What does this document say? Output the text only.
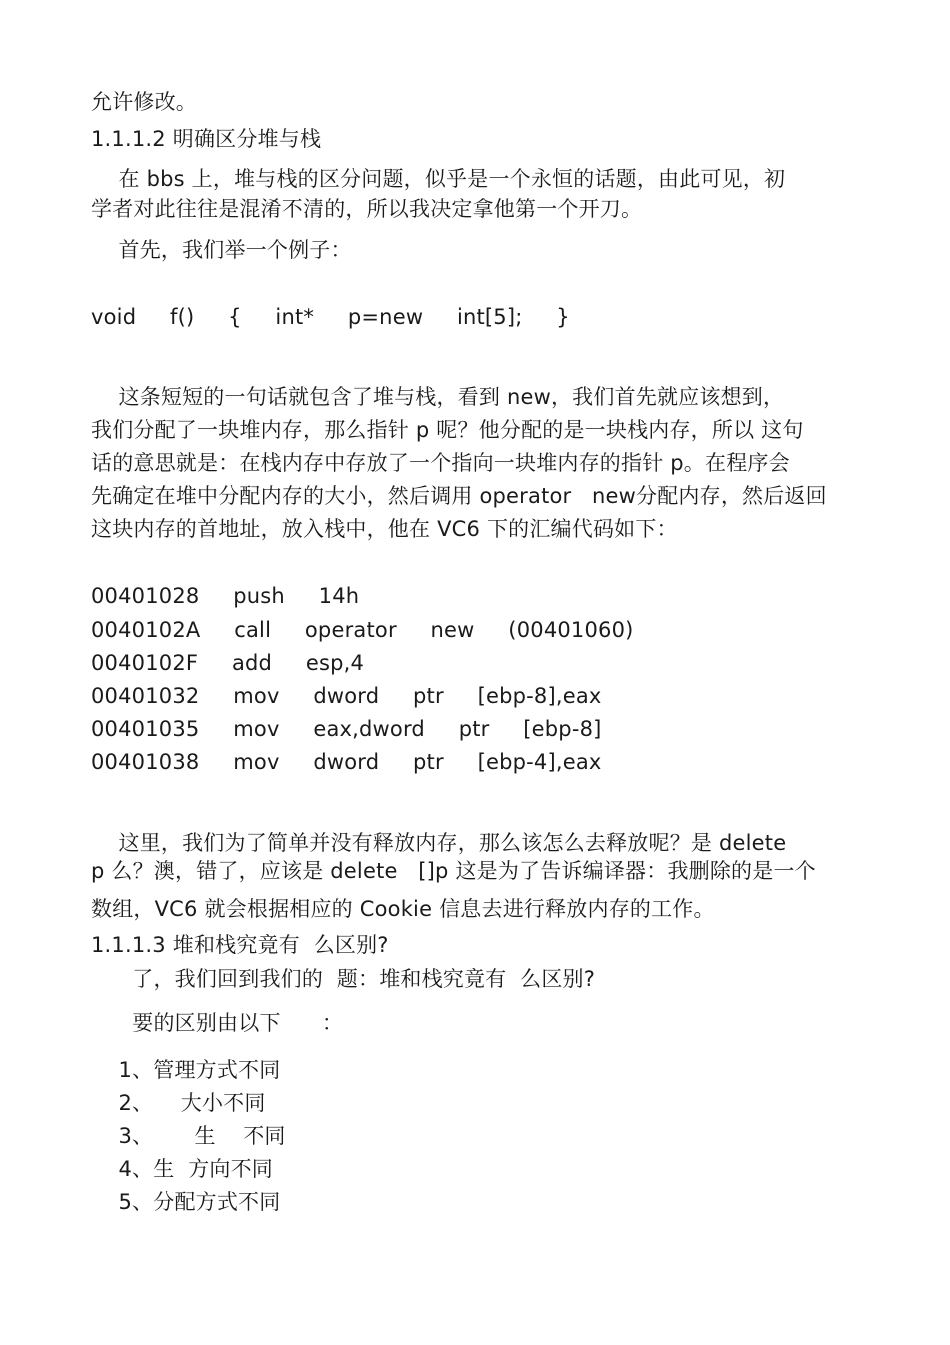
允许修改。
1.1.1.2 明确区分堆与栈
在 bbs 上，堆与栈的区分问题，似乎是一个永恒的话题，由此可见，初
学者对此往往是混淆不清的，所以我决定拿他第一个开刀。
首先，我们举一个例子：
void  f()  {  int*  p=new  int[5];  }
这条短短的一句话就包含了堆与栈，看到 new，我们首先就应该想到，
我们分配了一块堆内存，那么指针 p 呢？他分配的是一块栈内存，所以 这句
话的意思就是：在栈内存中存放了一个指向一块堆内存的指针 p。在程序会
先确定在堆中分配内存的大小，然后调用 operator   new分配内存，然后返回
这块内存的首地址，放入栈中，他在 VC6 下的汇编代码如下：
00401028  push  14h
0040102A  call  operator  new  (00401060)
0040102F  add  esp,4
00401032  mov  dword  ptr  [ebp-8],eax
00401035  mov  eax,dword  ptr  [ebp-8]
00401038  mov  dword  ptr  [ebp-4],eax
这里，我们为了简单并没有释放内存，那么该怎么去释放呢？是 delete
p 么？澳，错了，应该是 delete   []p 这是为了告诉编译器：我删除的是一个
数组，VC6 就会根据相应的 Cookie 信息去进行释放内存的工作。
1.1.1.3 堆和栈究竟有  么区别?
了，我们回到我们的  题：堆和栈究竟有  么区别?
要的区别由以下      ：
1、管理方式不同
2、    大小不同
3、      生    不同
4、生  方向不同
5、分配方式不同
